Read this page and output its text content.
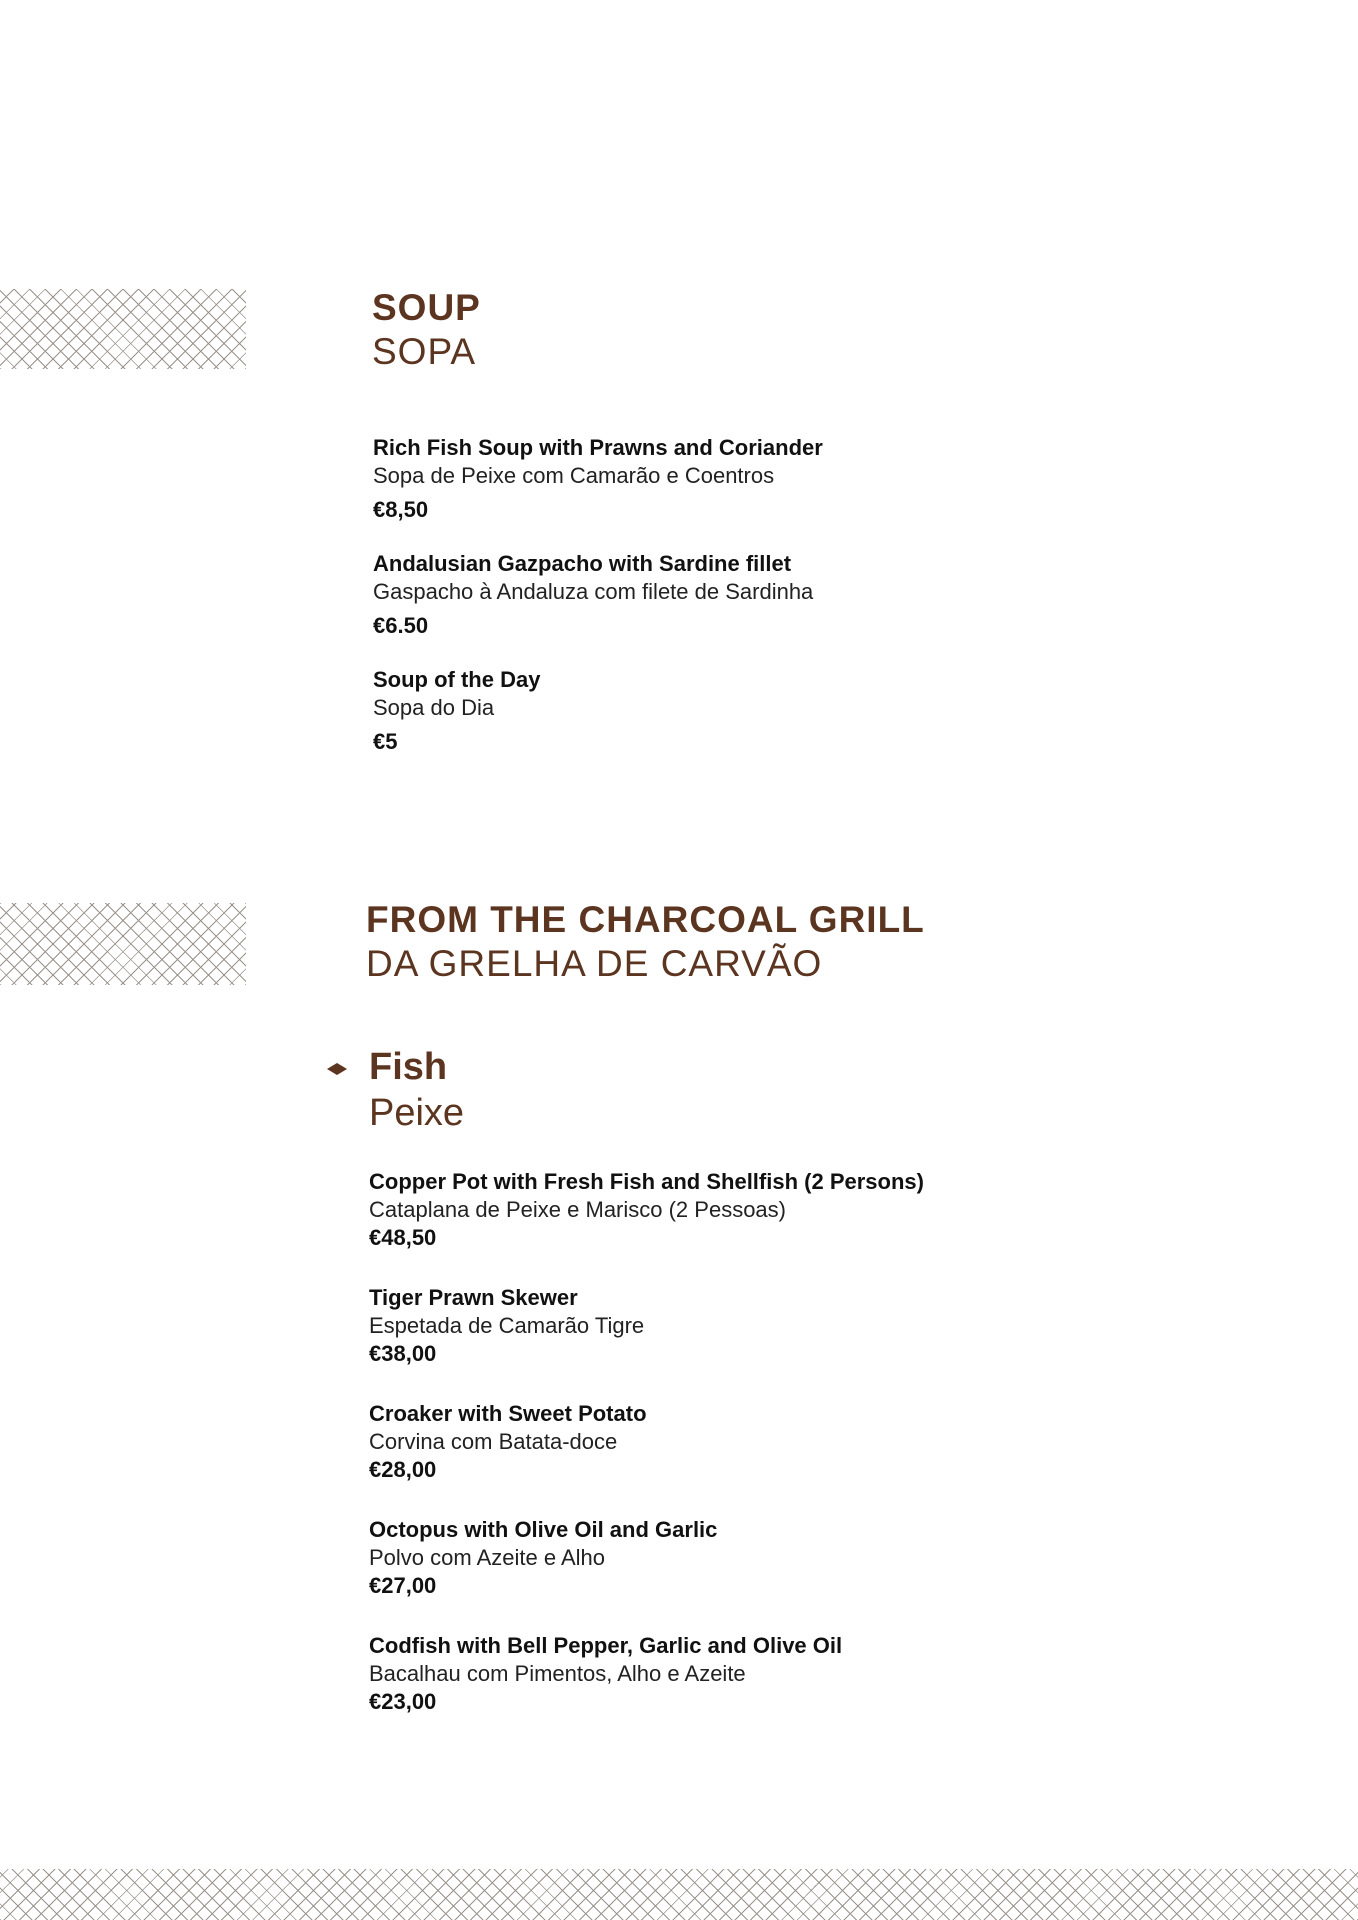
SOUP
SOPA
Rich Fish Soup with Prawns and Coriander
Sopa de Peixe com Camarão e Coentros
€8,50
Andalusian Gazpacho with Sardine fillet
Gaspacho à Andaluza com filete de Sardinha
€6.50
Soup of the Day
Sopa do Dia
€5
FROM THE CHARCOAL GRILL
DA GRELHA DE CARVÃO
Fish
Peixe
Copper Pot with Fresh Fish and Shellfish (2 Persons)
Cataplana de Peixe e Marisco (2 Pessoas)
€48,50
Tiger Prawn Skewer
Espetada de Camarão Tigre
€38,00
Croaker with Sweet Potato
Corvina com Batata-doce
€28,00
Octopus with Olive Oil and Garlic
Polvo com Azeite e Alho
€27,00
Codfish with Bell Pepper, Garlic and Olive Oil
Bacalhau com Pimentos, Alho e Azeite
€23,00
